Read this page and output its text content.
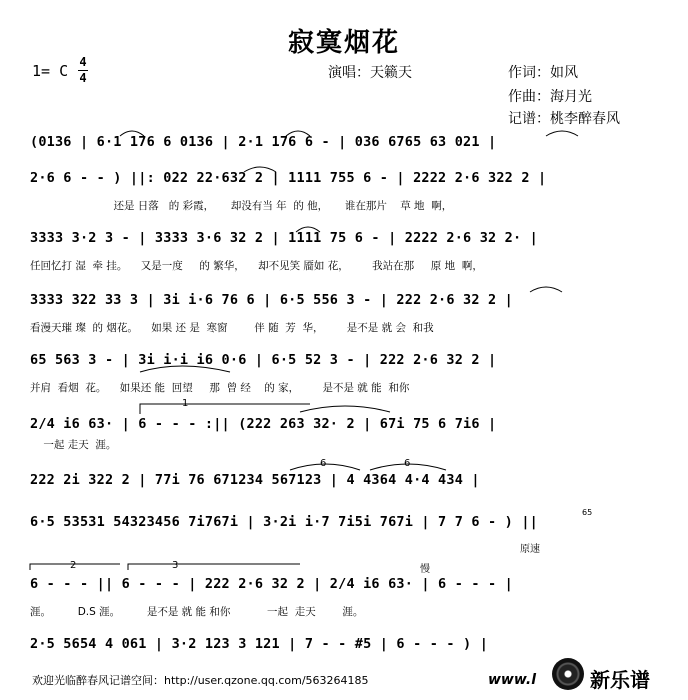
寂寞烟花
1= C 4
4	演唱：天籁天	作词：如风
作曲：海月光
记谱：桃李醉春风
(0136 | 6·1 176 6 0136 | 2·1 176 6 - | 036 6765 63 021 |
2·6 6 - - ) ||: 022 22·632 2 | 1111 755 6 - | 2222 2·6 322 2 |
还是 日落   的 彩霞，     却没有当 年  的 他，     谁在那片    草 地  啊，
3333 3·2 3 - | 3333 3·6 32 2 | 1111 75 6 - | 2222 2·6 32 2· |
任回忆打 湿  牵 挂。    又是一度     的 繁华，    却不见笑 靥如 花，       我站在那     原 地  啊，
3333 322 33 3 | 3i i·6 76 6 | 6·5 556 3 - | 222 2·6 32 2 |
看漫天璀 璨  的 烟花。    如果 还 是  寒窗        伴 随  芳  华，       是不是 就 会  和我
65 563 3 - | 3i i·i i6 0·6 | 6·5 52 3 - | 222 2·6 32 2 |
并肩  看烟  花。    如果还 能  回望     那  曾 经    的 家，       是不是 就 能  和你
2/4 i6 63· | 6 - - - :|| (222 263 32· 2 | 67i 75 6 7i6 |
一起 走天  涯。
222 2i 322 2 | 77i 76 671234 567123 | 4 4364 4·4 434 |
6·5 53531 54323456 7i767i | 3·2i i·7 7i5i 767i | 7 7 6 - ) ||
6 - - - || 6 - - - | 222 2·6 32 2 | 2/4 i6 63· | 6 - - - |
涯。        D.S 涯。        是不是 就 能 和你           一起  走天        涯。
2·5 5654 4 061 | 3·2 123 3 121 | 7 - - #5 | 6 - - - ) |
1
2	3
6	6
65
原速
慢
欢迎光临醉春风记谱空间：http://user.qzone.qq.com/563264185	www.l	新乐谱
